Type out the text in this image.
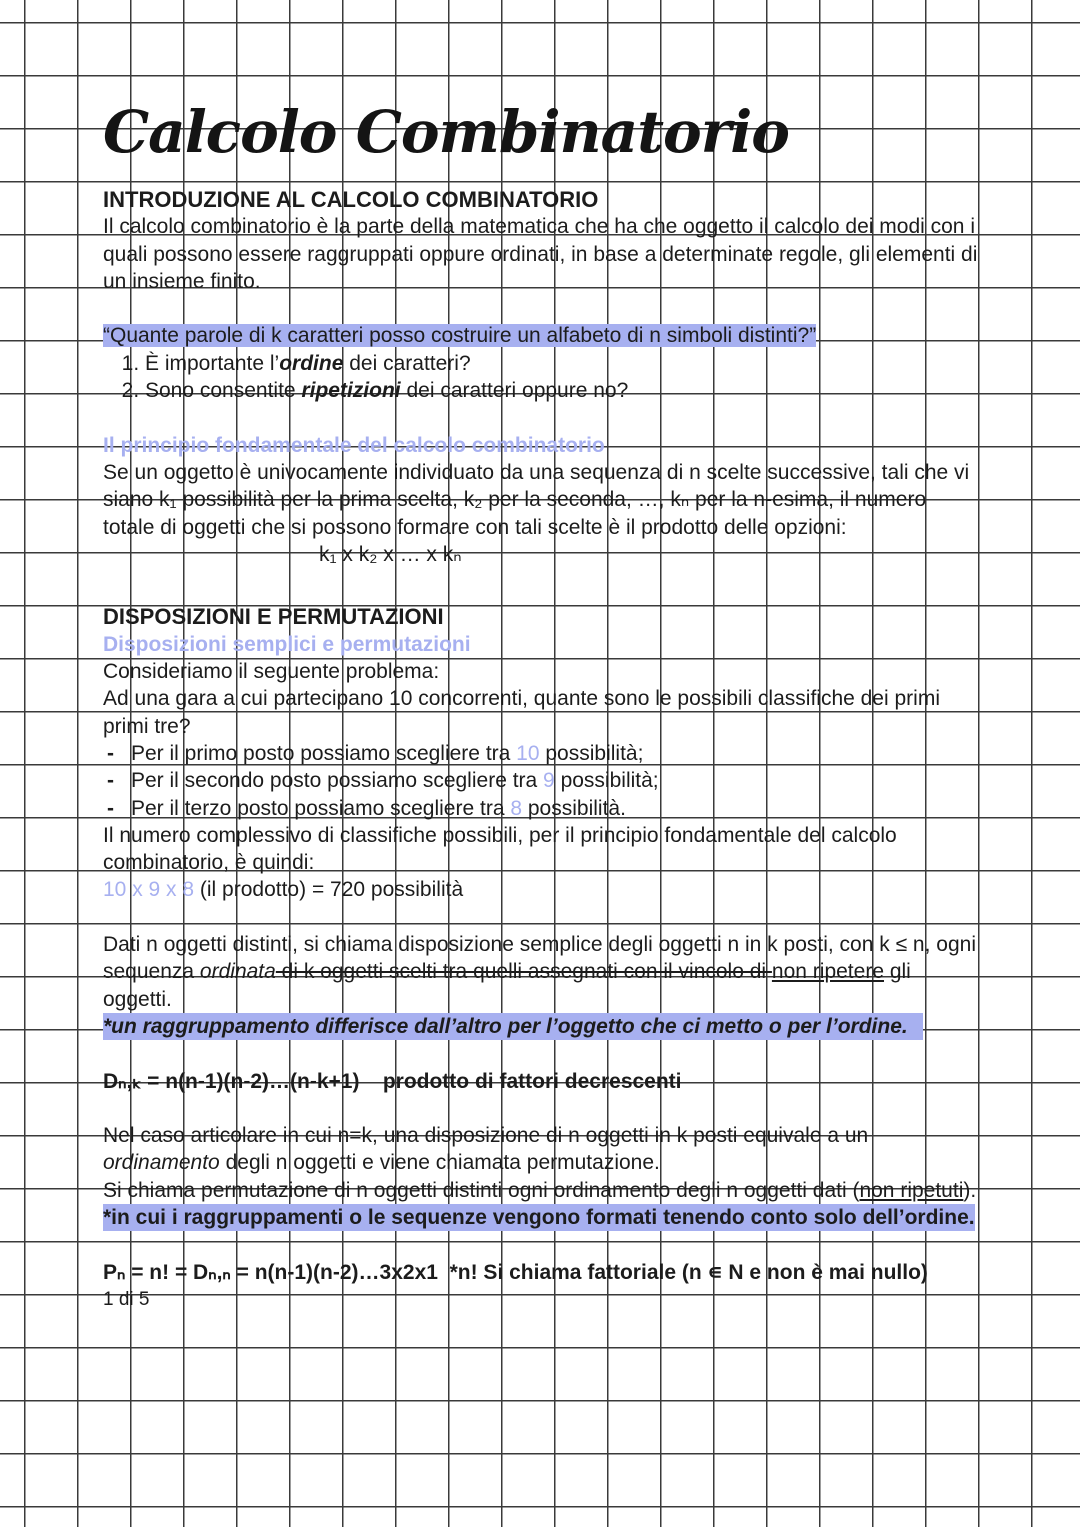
Calcolo Combinatorio

INTRODUZIONE AL CALCOLO COMBINATORIO

Il calcolo combinatorio è la parte della matematica che ha che oggetto il calcolo dei modi con i quali possono essere raggruppati oppure ordinati, in base a determinate regole, gli elementi di un insieme finito.

“Quante parole di k caratteri posso costruire un alfabeto di n simboli distinti?”

1. È importante l’ordine dei caratteri?
2. Sono consentite ripetizioni dei caratteri oppure no?

Il principio fondamentale del calcolo combinatorio

Se un oggetto è univocamente individuato da una sequenza di n scelte successive, tali che vi siano k₁ possibilità per la prima scelta, k₂ per la seconda, …, kₙ per la n-esima, il numero totale di oggetti che si possono formare con tali scelte è il prodotto delle opzioni:

k₁ x k₂ x … x kₙ

DISPOSIZIONI E PERMUTAZIONI

Disposizioni semplici e permutazioni

Consideriamo il seguente problema:

Ad una gara a cui partecipano 10 concorrenti, quante sono le possibili classifiche dei primi primi tre?

- Per il primo posto possiamo scegliere tra 10 possibilità;
- Per il secondo posto possiamo scegliere tra 9 possibilità;
- Per il terzo posto possiamo scegliere tra 8 possibilità.

Il numero complessivo di classifiche possibili, per il principio fondamentale del calcolo combinatorio, è quindi:

10 x 9 x 8 (il prodotto) = 720 possibilità

Dati n oggetti distinti, si chiama disposizione semplice degli oggetti n in k posti, con k ≤ n, ogni sequenza ordinata di k oggetti scelti tra quelli assegnati con il vincolo di non ripetere gli oggetti.

*un raggruppamento differisce dall’altro per l’oggetto che ci metto o per l’ordine.

Dₙ,ₖ = n(n-1)(n-2)…(n-k+1) prodotto di fattori decrescenti

Nel caso articolare in cui n=k, una disposizione di n oggetti in k posti equivale a un ordinamento degli n oggetti e viene chiamata permutazione.

Si chiama permutazione di n oggetti distinti ogni ordinamento degli n oggetti dati (non ripetuti).

*in cui i raggruppamenti o le sequenze vengono formati tenendo conto solo dell’ordine.

Pₙ = n! = Dₙ,ₙ = n(n-1)(n-2)…3x2x1 *n! Si chiama fattoriale (n ∊ N e non è mai nullo)

1 di 5
